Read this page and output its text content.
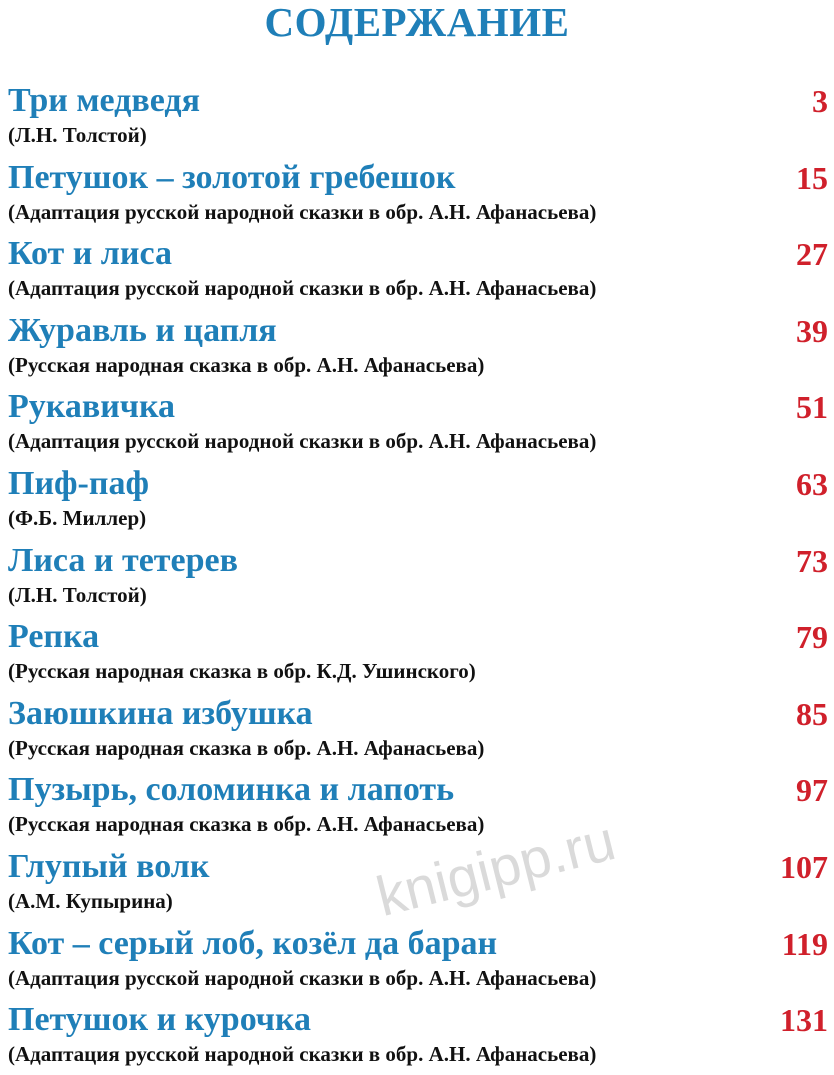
СОДЕРЖАНИЕ
Три медведя	3
(Л.Н. Толстой)
Петушок – золотой гребешок	15
(Адаптация русской народной сказки в обр. А.Н. Афанасьева)
Кот и лиса	27
(Адаптация русской народной сказки в обр. А.Н. Афанасьева)
Журавль и цапля	39
(Русская народная сказка в обр. А.Н. Афанасьева)
Рукавичка	51
(Адаптация русской народной сказки в обр. А.Н. Афанасьева)
Пиф-паф	63
(Ф.Б. Миллер)
Лиса и тетерев	73
(Л.Н. Толстой)
Репка	79
(Русская народная сказка в обр. К.Д. Ушинского)
Заюшкина избушка	85
(Русская народная сказка в обр. А.Н. Афанасьева)
Пузырь, соломинка и лапоть	97
(Русская народная сказка в обр. А.Н. Афанасьева)
Глупый волк	107
(А.М. Купырина)
Кот – серый лоб, козёл да баран	119
(Адаптация русской народной сказки в обр. А.Н. Афанасьева)
Петушок и курочка	131
(Адаптация русской народной сказки в обр. А.Н. Афанасьева)
knigipp.ru
